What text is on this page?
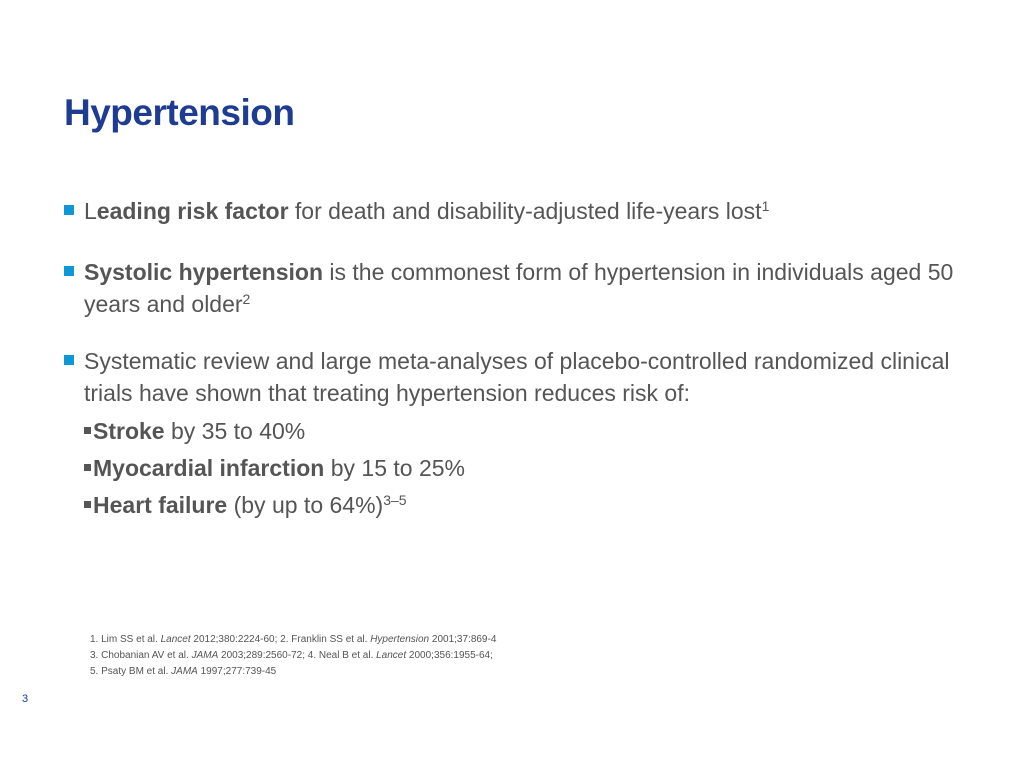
Hypertension
Leading risk factor for death and disability-adjusted life-years lost$^1$
Systolic hypertension is the commonest form of hypertension in individuals aged 50 years and older$^2$
Systematic review and large meta-analyses of placebo-controlled randomized clinical trials have shown that treating hypertension reduces risk of:
Stroke by 35 to 40%
Myocardial infarction by 15 to 25%
Heart failure (by up to 64%)$^{3-5}$
1. Lim SS et al. Lancet 2012;380:2224-60; 2. Franklin SS et al. Hypertension 2001;37:869-4
3. Chobanian AV et al. JAMA 2003;289:2560-72; 4. Neal B et al. Lancet 2000;356:1955-64;
5. Psaty BM et al. JAMA 1997;277:739-45
3
